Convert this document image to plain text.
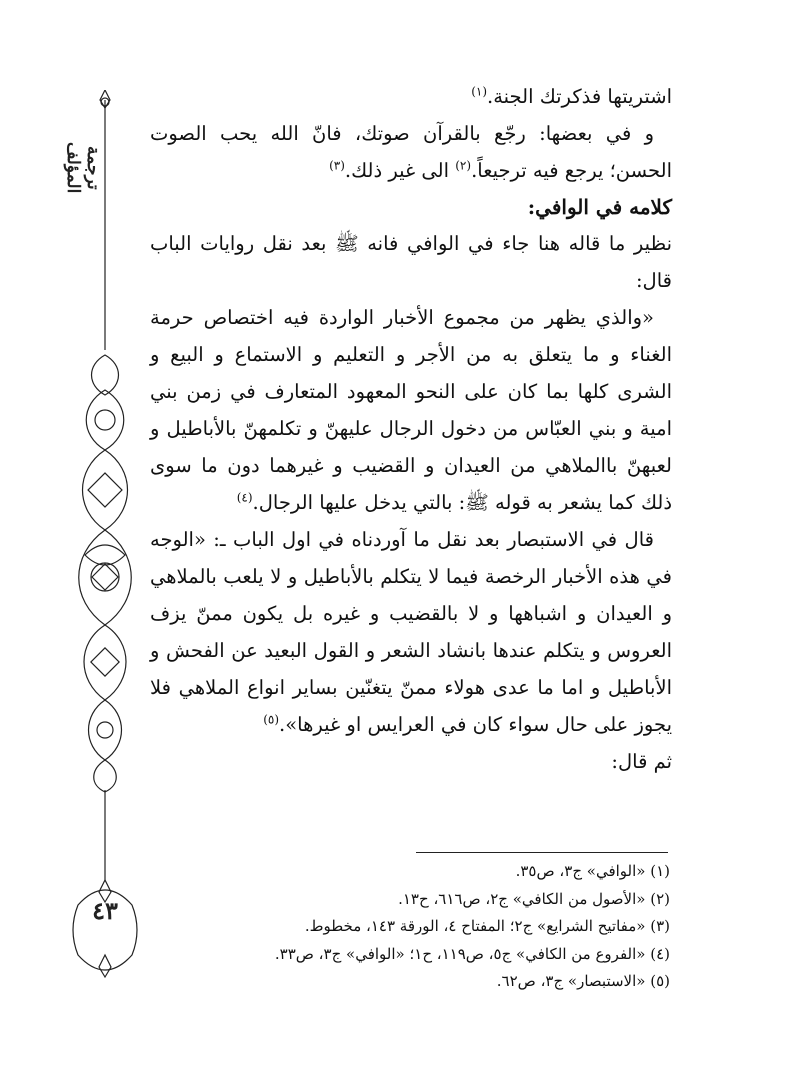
ترجمة المؤلف
٤٣

اشتريتها فذكرتك الجنة.$^{(١)}$

و في بعضها: رجّع بالقرآن صوتك، فانّ الله يحب الصوت الحسن؛ يرجع فيه ترجيعاً.$^{(٢)}$ الى غير ذلك.$^{(٣)}$

كلامه في الوافي:

نظير ما قاله هنا جاء في الوافي فانه ﷺ بعد نقل روايات الباب قال:

«والذي يظهر من مجموع الأخبار الواردة فيه اختصاص حرمة الغناء و ما يتعلق به من الأجر و التعليم و الاستماع و البيع و الشرى كلها بما كان على النحو المعهود المتعارف في زمن بني امية و بني العبّاس من دخول الرجال عليهنّ و تكلمهنّ بالأباطيل و لعبهنّ باالملاهي من العيدان و القضيب و غيرهما دون ما سوى ذلك كما يشعر به قوله ﷺ: بالتي يدخل عليها الرجال.$^{(٤)}$

قال في الاستبصار بعد نقل ما آوردناه في اول الباب ـ: «الوجه في هذه الأخبار الرخصة فيما لا يتكلم بالأباطيل و لا يلعب بالملاهي و العيدان و اشباهها و لا بالقضيب و غيره بل يكون ممنّ يزف العروس و يتكلم عندها بانشاد الشعر و القول البعيد عن الفحش و الأباطيل و اما ما عدى هولاء ممنّ يتغنّين بساير انواع الملاهي فلا يجوز على حال سواء كان في العرايس او غيرها».$^{(٥)}$

ثم قال:

(١) «الوافي» ج٣، ص٣٥.
(٢) «الأصول من الكافي» ج٢، ص٦١٦، ح١٣.
(٣) «مفاتيح الشرايع» ج٢؛ المفتاح ٤، الورقة ١٤٣، مخطوط.
(٤) «الفروع من الكافي» ج٥، ص١١٩، ح١؛ «الوافي» ج٣، ص٣٣.
(٥) «الاستبصار» ج٣، ص٦٢.
